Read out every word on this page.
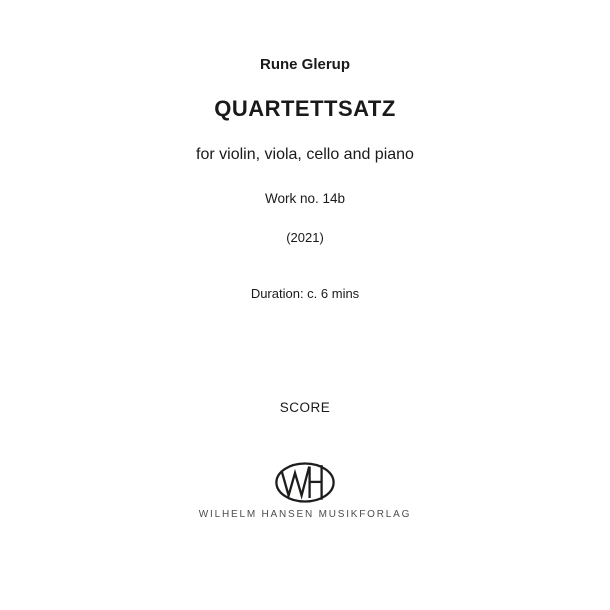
Rune Glerup
QUARTETTSATZ
for violin, viola, cello and piano
Work no. 14b
(2021)
Duration: c. 6 mins
SCORE
WILHELM HANSEN MUSIKFORLAG
